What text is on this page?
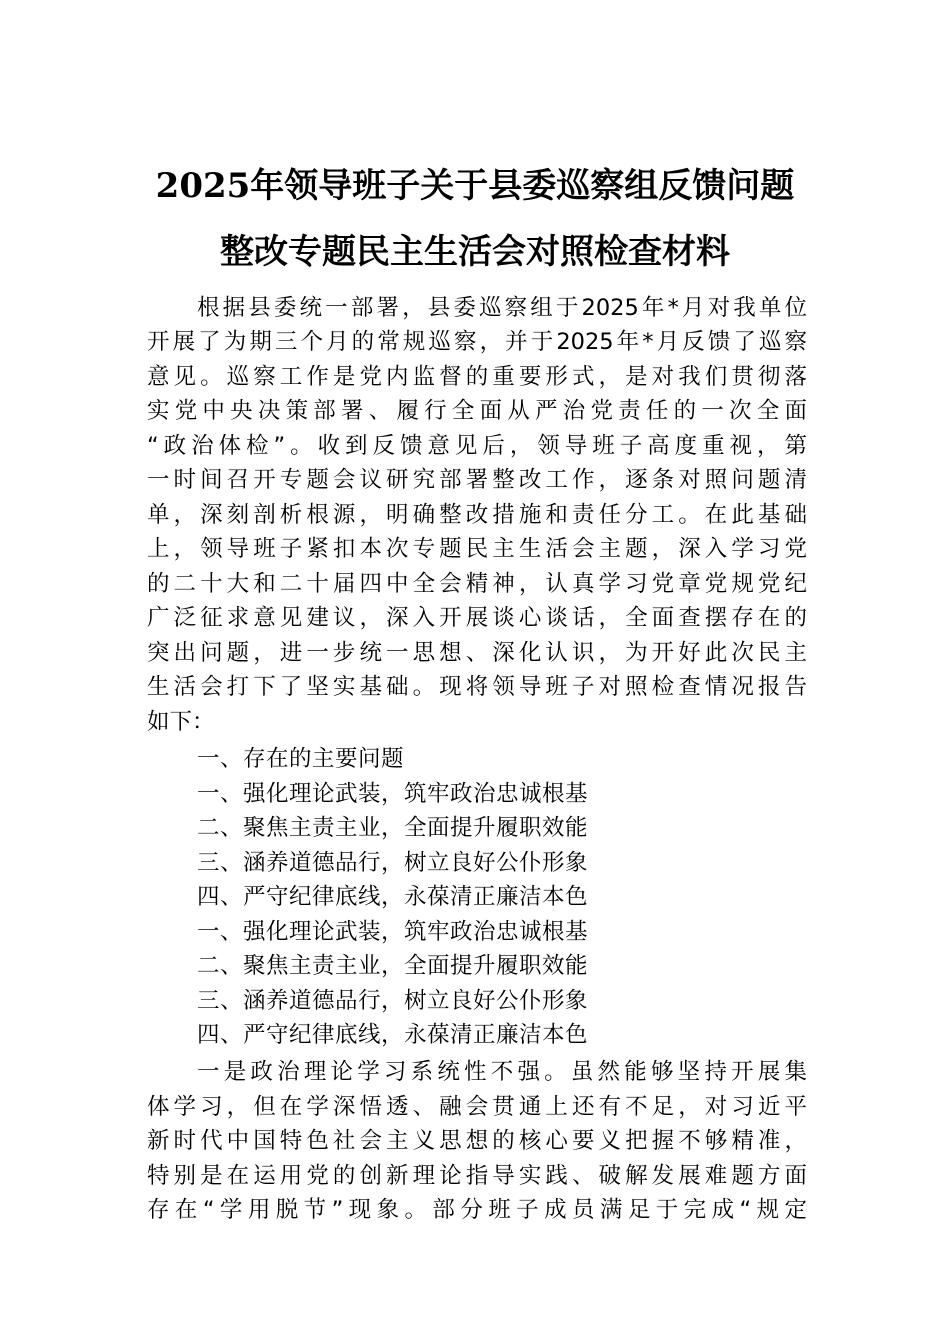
2025年领导班子关于县委巡察组反馈问题
整改专题民主生活会对照检查材料
根据县委统一部署，县委巡察组于2025年*月对我单位
开展了为期三个月的常规巡察，并于2025年*月反馈了巡察
意见。巡察工作是党内监督的重要形式，是对我们贯彻落
实党中央决策部署、履行全面从严治党责任的一次全面
“政治体检”。收到反馈意见后，领导班子高度重视，第
一时间召开专题会议研究部署整改工作，逐条对照问题清
单，深刻剖析根源，明确整改措施和责任分工。在此基础
上，领导班子紧扣本次专题民主生活会主题，深入学习党
的二十大和二十届四中全会精神，认真学习党章党规党纪
广泛征求意见建议，深入开展谈心谈话，全面查摆存在的
突出问题，进一步统一思想、深化认识，为开好此次民主
生活会打下了坚实基础。现将领导班子对照检查情况报告
如下：
一、存在的主要问题
一、强化理论武装，筑牢政治忠诚根基
二、聚焦主责主业，全面提升履职效能
三、涵养道德品行，树立良好公仆形象
四、严守纪律底线，永葆清正廉洁本色
一、强化理论武装，筑牢政治忠诚根基
二、聚焦主责主业，全面提升履职效能
三、涵养道德品行，树立良好公仆形象
四、严守纪律底线，永葆清正廉洁本色
一是政治理论学习系统性不强。虽然能够坚持开展集
体学习，但在学深悟透、融会贯通上还有不足，对习近平
新时代中国特色社会主义思想的核心要义把握不够精准，
特别是在运用党的创新理论指导实践、破解发展难题方面
存在“学用脱节”现象。部分班子成员满足于完成“规定
